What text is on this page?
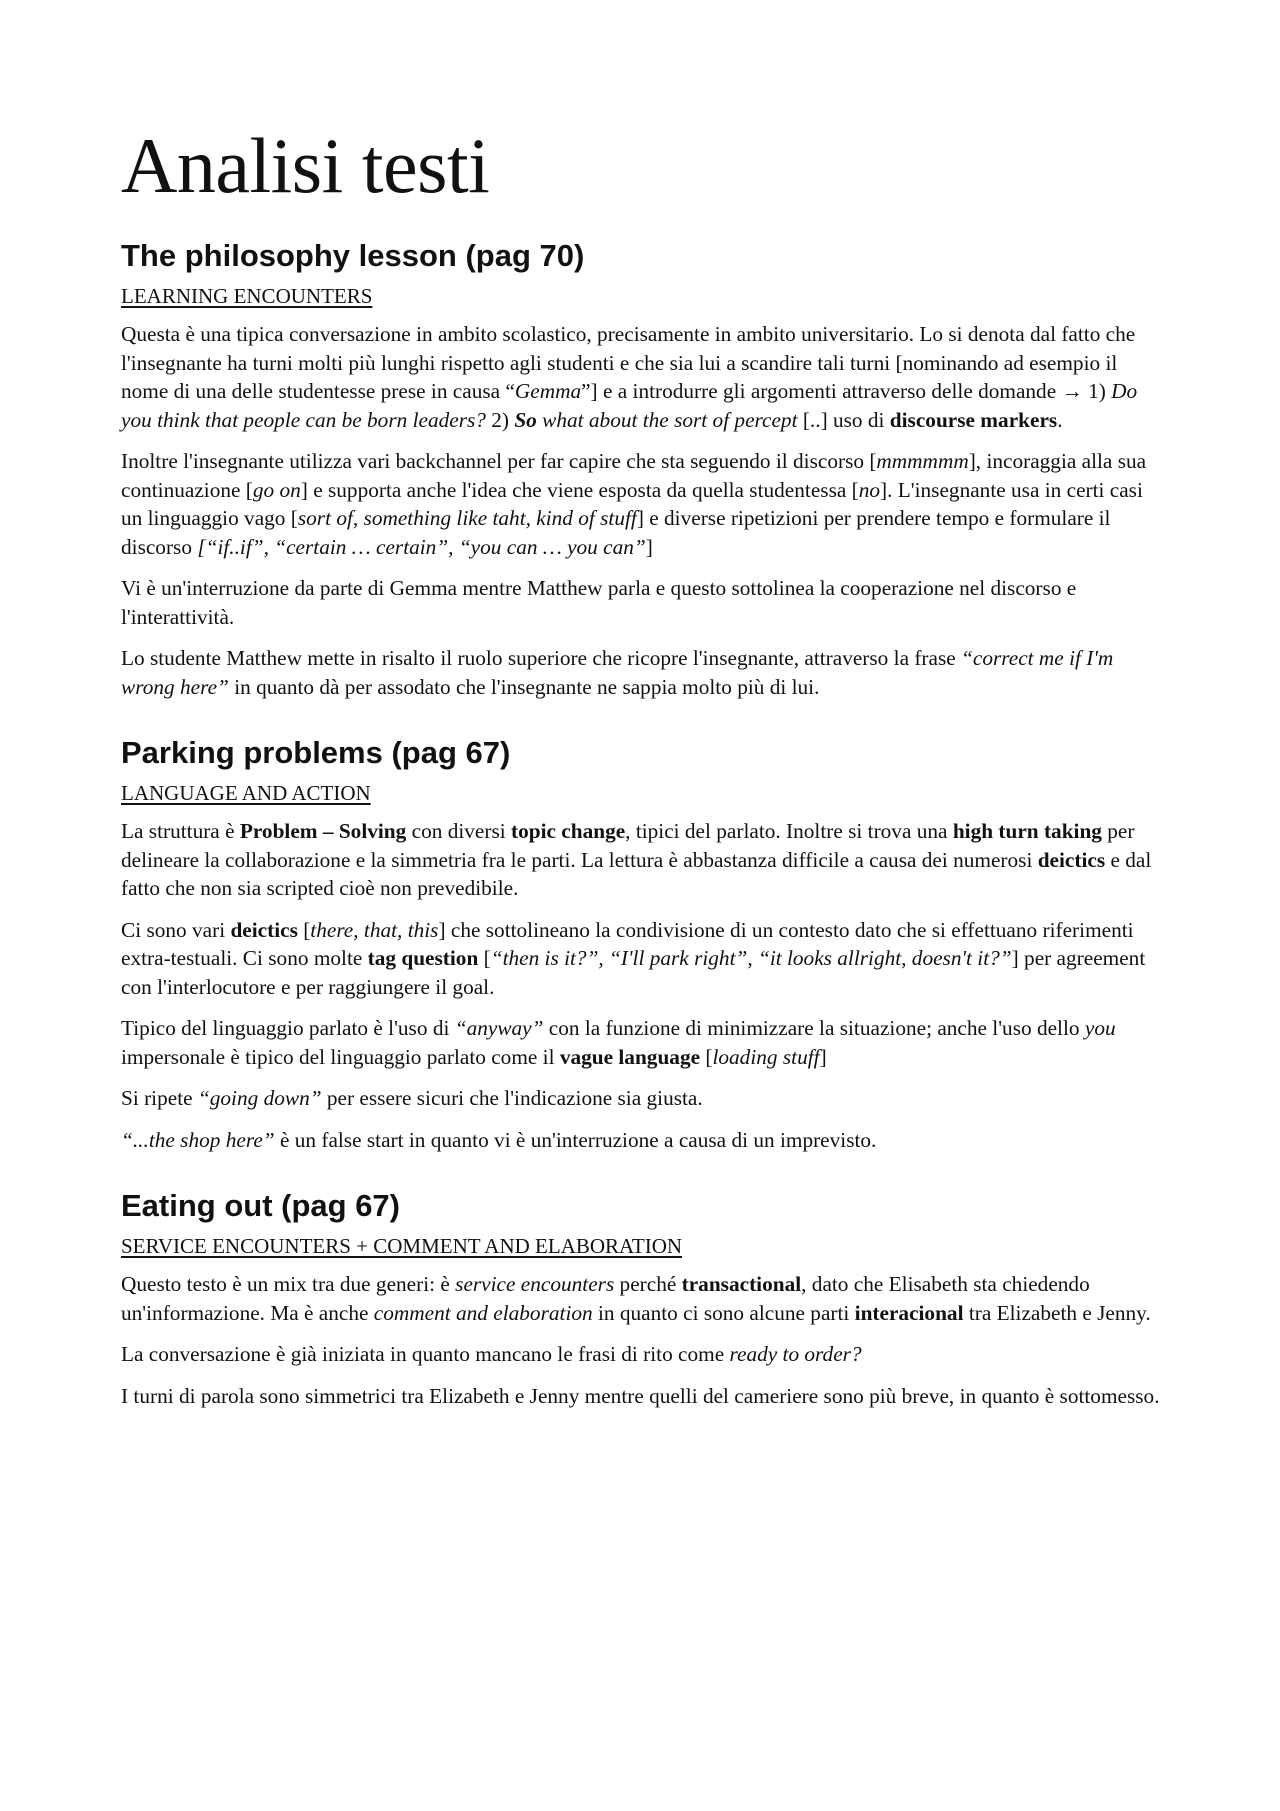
Analisi testi
The philosophy lesson (pag 70)
LEARNING ENCOUNTERS

Questa è una tipica conversazione in ambito scolastico, precisamente in ambito universitario. Lo si denota dal fatto che l'insegnante ha turni molti più lunghi rispetto agli studenti e che sia lui a scandire tali turni [nominando ad esempio il nome di una delle studentesse prese in causa “Gemma”] e a introdurre gli argomenti attraverso delle domande → 1) Do you think that people can be born leaders? 2) So what about the sort of percept [..] uso di discourse markers.

Inoltre l'insegnante utilizza vari backchannel per far capire che sta seguendo il discorso [mmmmmm], incoraggia alla sua continuazione [go on] e supporta anche l'idea che viene esposta da quella studentessa [no]. L'insegnante usa in certi casi un linguaggio vago [sort of, something like taht, kind of stuff] e diverse ripetizioni per prendere tempo e formulare il discorso [“if..if”, “certain … certain”, “you can … you can”]

Vi è un'interruzione da parte di Gemma mentre Matthew parla e questo sottolinea la cooperazione nel discorso e l'interattività.

Lo studente Matthew mette in risalto il ruolo superiore che ricopre l'insegnante, attraverso la frase “correct me if I'm wrong here” in quanto dà per assodato che l'insegnante ne sappia molto più di lui.

Parking problems (pag 67)
LANGUAGE AND ACTION

La struttura è Problem – Solving con diversi topic change, tipici del parlato. Inoltre si trova una high turn taking per delineare la collaborazione e la simmetria fra le parti. La lettura è abbastanza difficile a causa dei numerosi deictics e dal fatto che non sia scripted cioè non prevedibile.

Ci sono vari deictics [there, that, this] che sottolineano la condivisione di un contesto dato che si effettuano riferimenti extra-testuali. Ci sono molte tag question [“then is it?”, “I'll park right”, “it looks allright, doesn't it?”] per agreement con l'interlocutore e per raggiungere il goal.

Tipico del linguaggio parlato è l'uso di “anyway” con la funzione di minimizzare la situazione; anche l'uso dello you impersonale è tipico del linguaggio parlato come il vague language [loading stuff]

Si ripete “going down” per essere sicuri che l'indicazione sia giusta.

“...the shop here” è un false start in quanto vi è un'interruzione a causa di un imprevisto.

Eating out (pag 67)
SERVICE ENCOUNTERS + COMMENT AND ELABORATION

Questo testo è un mix tra due generi: è service encounters perché transactional, dato che Elisabeth sta chiedendo un'informazione. Ma è anche comment and elaboration in quanto ci sono alcune parti interacional tra Elizabeth e Jenny.

La conversazione è già iniziata in quanto mancano le frasi di rito come ready to order?

I turni di parola sono simmetrici tra Elizabeth e Jenny mentre quelli del cameriere sono più breve, in quanto è sottomesso.
